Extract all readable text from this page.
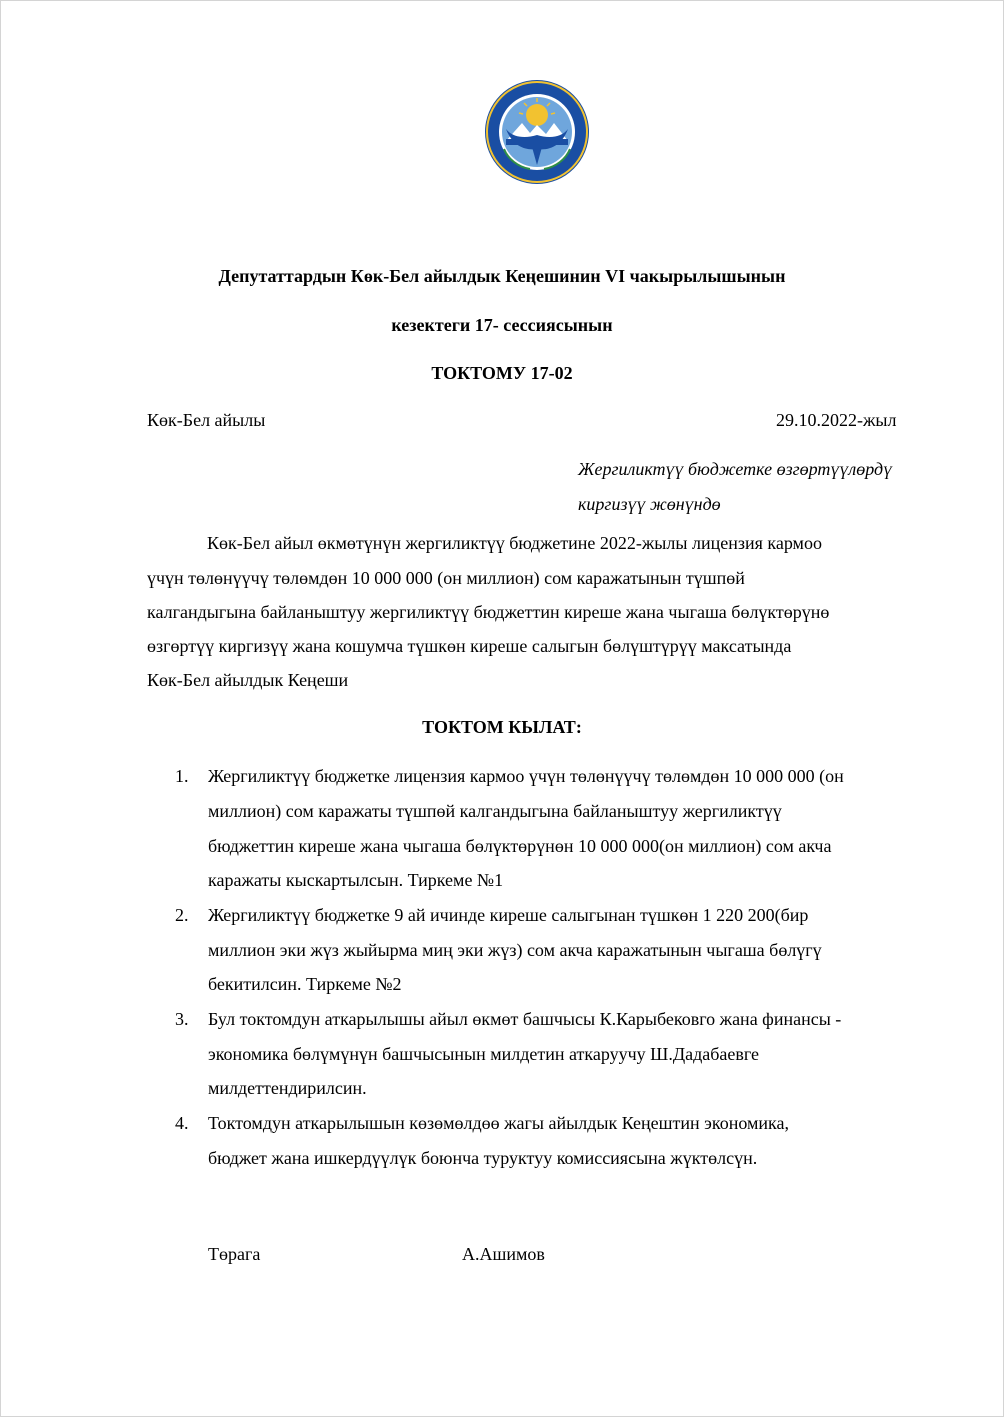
Депутаттардын Көк-Бел айылдык Кеңешинин VI чакырылышынын
кезектеги 17- сессиясынын
ТОКТОМУ 17-02
Көк-Бел айылы	29.10.2022-жыл
Жергиликтүү бюджетке өзгөртүүлөрдү
киргизүү жөнүндө
Көк-Бел айыл өкмөтүнүн жергиликтүү бюджетине 2022-жылы лицензия кармоо
үчүн төлөнүүчү төлөмдөн 10 000 000 (он миллион) сом каражатынын түшпөй
калгандыгына байланыштуу жергиликтүү бюджеттин киреше жана чыгаша бөлүктөрүнө
өзгөртүү киргизүү жана кошумча түшкөн киреше салыгын бөлүштүрүү максатында
Көк-Бел айылдык Кеңеши
ТОКТОМ КЫЛАТ:
1. Жергиликтүү бюджетке лицензия кармоо үчүн төлөнүүчү төлөмдөн 10 000 000 (он
миллион) сом каражаты түшпөй калгандыгына байланыштуу жергиликтүү
бюджеттин киреше жана чыгаша бөлүктөрүнөн 10 000 000(он миллион) сом акча
каражаты кыскартылсын. Тиркеме №1
2. Жергиликтүү бюджетке 9 ай ичинде киреше салыгынан түшкөн 1 220 200(бир
миллион эки жүз жыйырма миң эки жүз) сом акча каражатынын чыгаша бөлүгү
бекитилсин. Тиркеме №2
3. Бул токтомдун аткарылышы айыл өкмөт башчысы К.Карыбековго жана финансы -
экономика бөлүмүнүн башчысынын милдетин аткаруучу Ш.Дадабаевге
милдеттендирилсин.
4. Токтомдун аткарылышын көзөмөлдөө жагы айылдык Кеңештин экономика,
бюджет жана ишкердүүлүк боюнча туруктуу комиссиясына жүктөлсүн.
Төрага	А.Ашимов
